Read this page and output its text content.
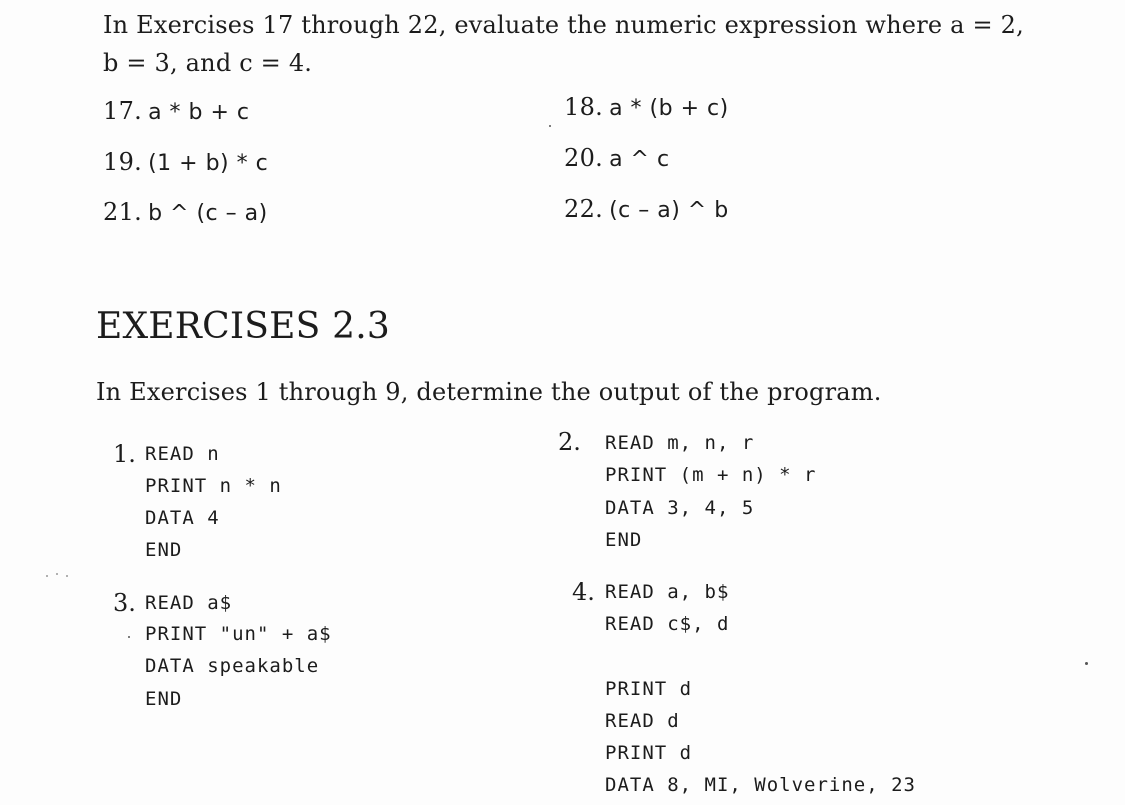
In Exercises 17 through 22, evaluate the numeric expression where a = 2,
b = 3, and c = 4.
17. a * b + c	18. a * (b + c)
19. (1 + b) * c	20. a ^ c
21. b ^ (c – a)	22. (c – a) ^ b
EXERCISES 2.3
In Exercises 1 through 9, determine the output of the program.
1. READ n
PRINT n * n
DATA 4
END
2. READ m, n, r
PRINT (m + n) * r
DATA 3, 4, 5
END
3. READ a$
PRINT "un" + a$
DATA speakable
END
4. READ a, b$
READ c$, d
PRINT d
READ d
PRINT d
DATA 8, MI, Wolverine, 23
